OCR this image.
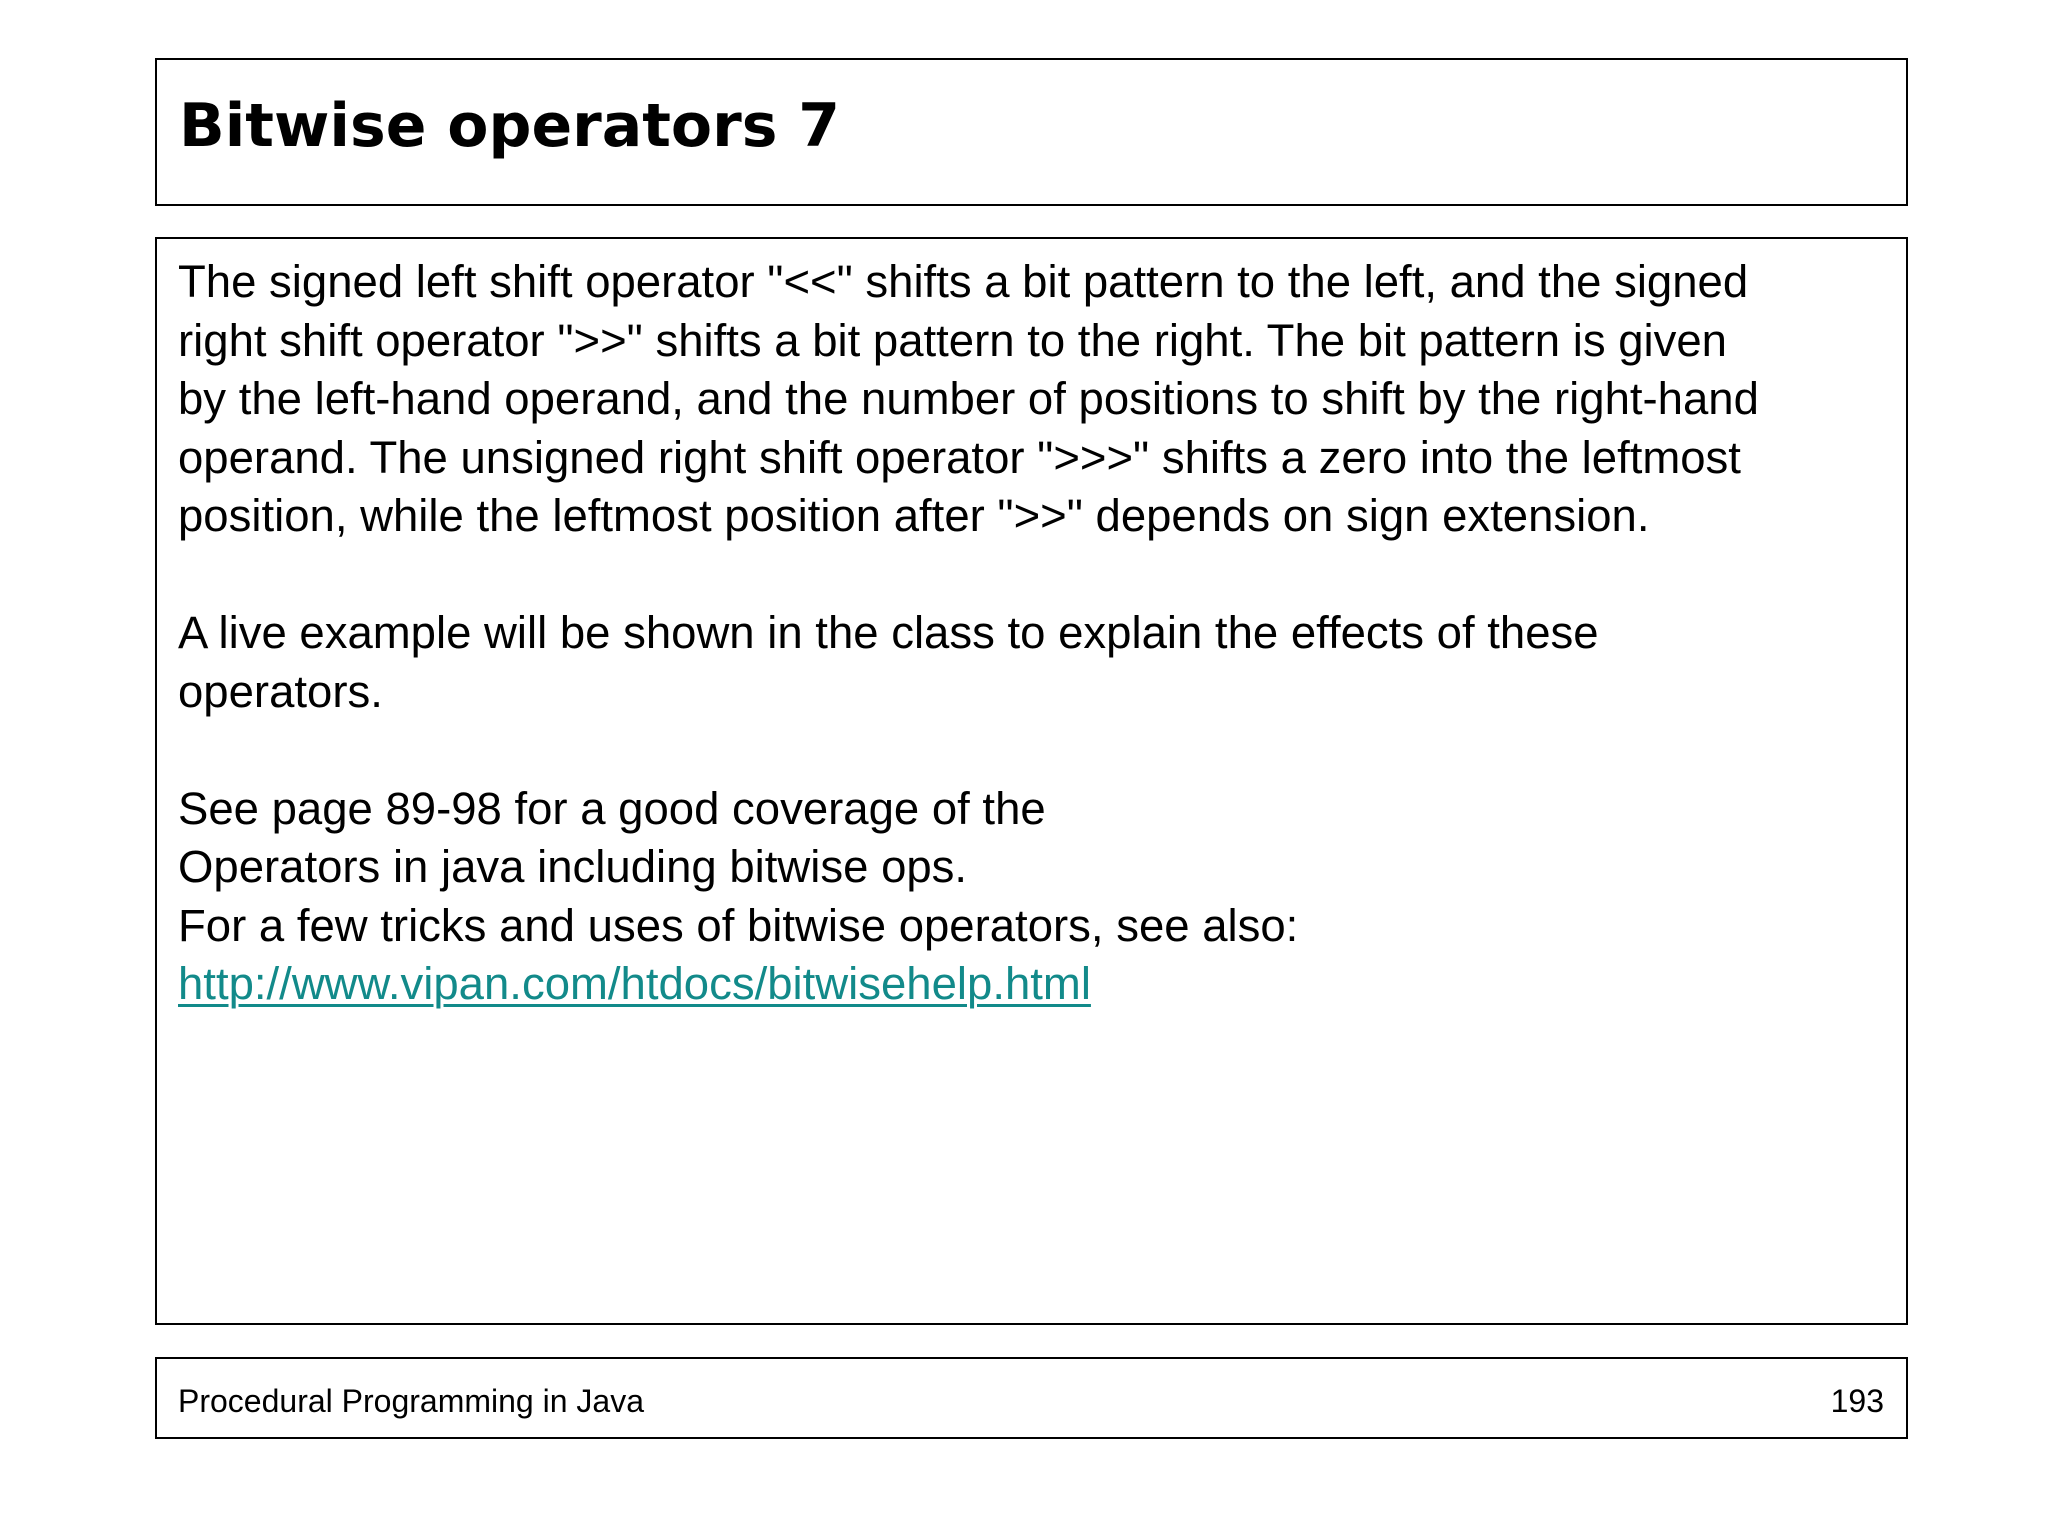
Bitwise operators 7

The signed left shift operator "<<" shifts a bit pattern to the left, and the signed
right shift operator ">>" shifts a bit pattern to the right. The bit pattern is given
by the left-hand operand, and the number of positions to shift by the right-hand
operand. The unsigned right shift operator ">>>" shifts a zero into the leftmost
position, while the leftmost position after ">>" depends on sign extension.

A live example will be shown in the class to explain the effects of these
operators.

See page 89-98 for a good coverage of the
Operators in java including bitwise ops.
For a few tricks and uses of bitwise operators, see also:
http://www.vipan.com/htdocs/bitwisehelp.html

Procedural Programming in Java	193
